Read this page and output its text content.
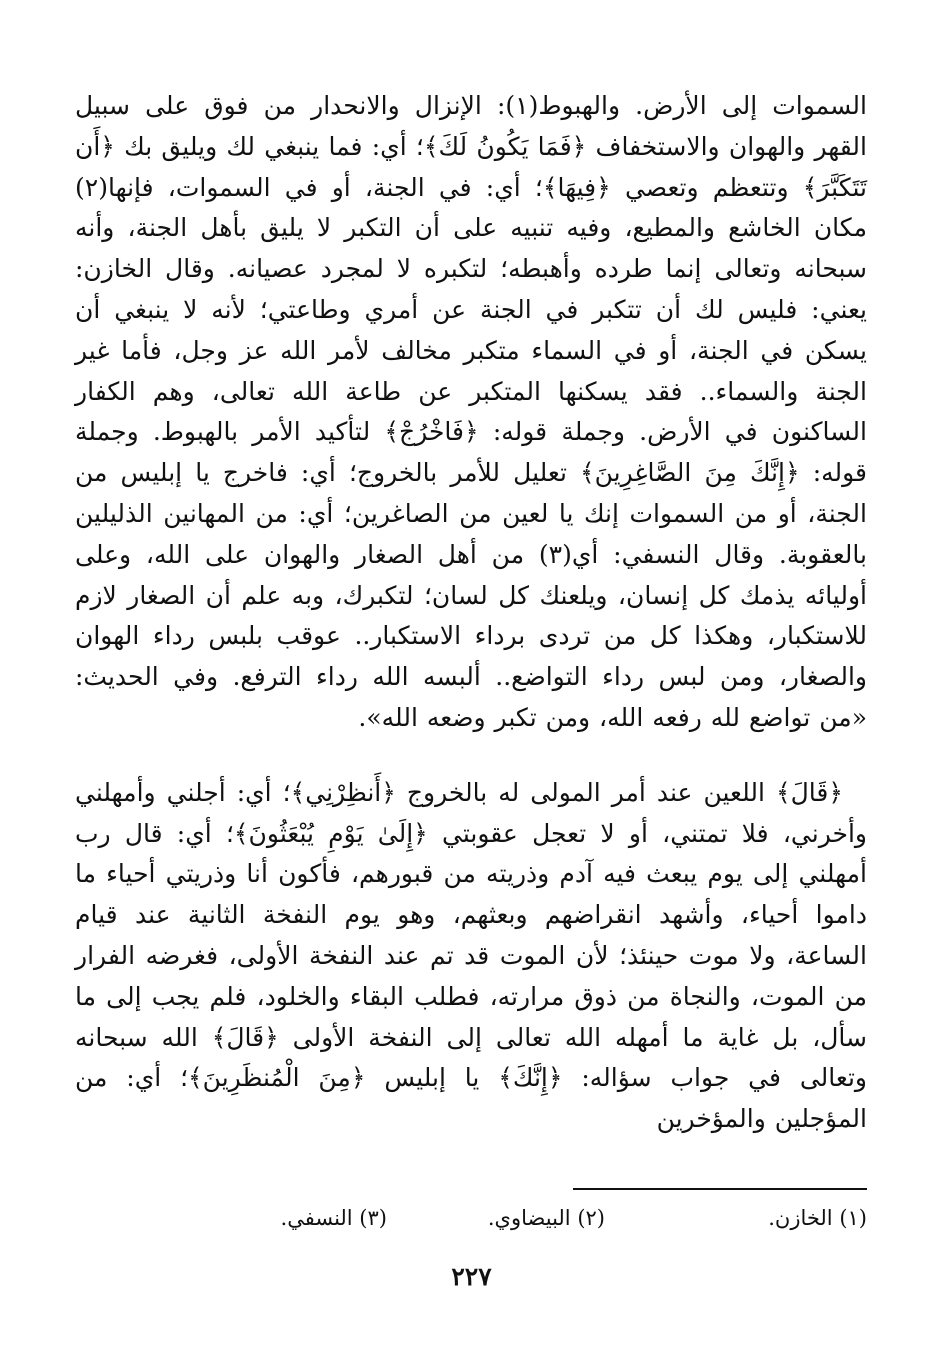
السموات إلى الأرض. والهبوط(١): الإنزال والانحدار من فوق على سبيل القهر والهوان والاستخفاف ﴿فَمَا يَكُونُ لَكَ﴾؛ أي: فما ينبغي لك ويليق بك ﴿أَن تَتَكَبَّرَ﴾ وتتعظم وتعصي ﴿فِيهَا﴾؛ أي: في الجنة، أو في السموات، فإنها(٢) مكان الخاشع والمطيع، وفيه تنبيه على أن التكبر لا يليق بأهل الجنة، وأنه سبحانه وتعالى إنما طرده وأهبطه؛ لتكبره لا لمجرد عصيانه. وقال الخازن: يعني: فليس لك أن تتكبر في الجنة عن أمري وطاعتي؛ لأنه لا ينبغي أن يسكن في الجنة، أو في السماء متكبر مخالف لأمر الله عز وجل، فأما غير الجنة والسماء.. فقد يسكنها المتكبر عن طاعة الله تعالى، وهم الكفار الساكنون في الأرض. وجملة قوله: ﴿فَاخْرُجْ﴾ لتأكيد الأمر بالهبوط. وجملة قوله: ﴿إِنَّكَ مِنَ الصَّاغِرِينَ﴾ تعليل للأمر بالخروج؛ أي: فاخرج يا إبليس من الجنة، أو من السموات إنك يا لعين من الصاغرين؛ أي: من المهانين الذليلين بالعقوبة. وقال النسفي: أي(٣) من أهل الصغار والهوان على الله، وعلى أوليائه يذمك كل إنسان، ويلعنك كل لسان؛ لتكبرك، وبه علم أن الصغار لازم للاستكبار، وهكذا كل من تردى برداء الاستكبار.. عوقب بلبس رداء الهوان والصغار، ومن لبس رداء التواضع.. ألبسه الله رداء الترفع. وفي الحديث: «من تواضع لله رفعه الله، ومن تكبر وضعه الله».

﴿قَالَ﴾ اللعين عند أمر المولى له بالخروج ﴿أَنظِرْنِي﴾؛ أي: أجلني وأمهلني وأخرني، فلا تمتني، أو لا تعجل عقوبتي ﴿إِلَىٰ يَوْمِ يُبْعَثُونَ﴾؛ أي: قال رب أمهلني إلى يوم يبعث فيه آدم وذريته من قبورهم، فأكون أنا وذريتي أحياء ما داموا أحياء، وأشهد انقراضهم وبعثهم، وهو يوم النفخة الثانية عند قيام الساعة، ولا موت حينئذ؛ لأن الموت قد تم عند النفخة الأولى، فغرضه الفرار من الموت، والنجاة من ذوق مرارته، فطلب البقاء والخلود، فلم يجب إلى ما سأل، بل غاية ما أمهله الله تعالى إلى النفخة الأولى ﴿قَالَ﴾ الله سبحانه وتعالى في جواب سؤاله: ﴿إِنَّكَ﴾ يا إبليس ﴿مِنَ الْمُنظَرِينَ﴾؛ أي: من المؤجلين والمؤخرين

(١) الخازن.
(٢) البيضاوي.
(٣) النسفي.
٢٢٧
